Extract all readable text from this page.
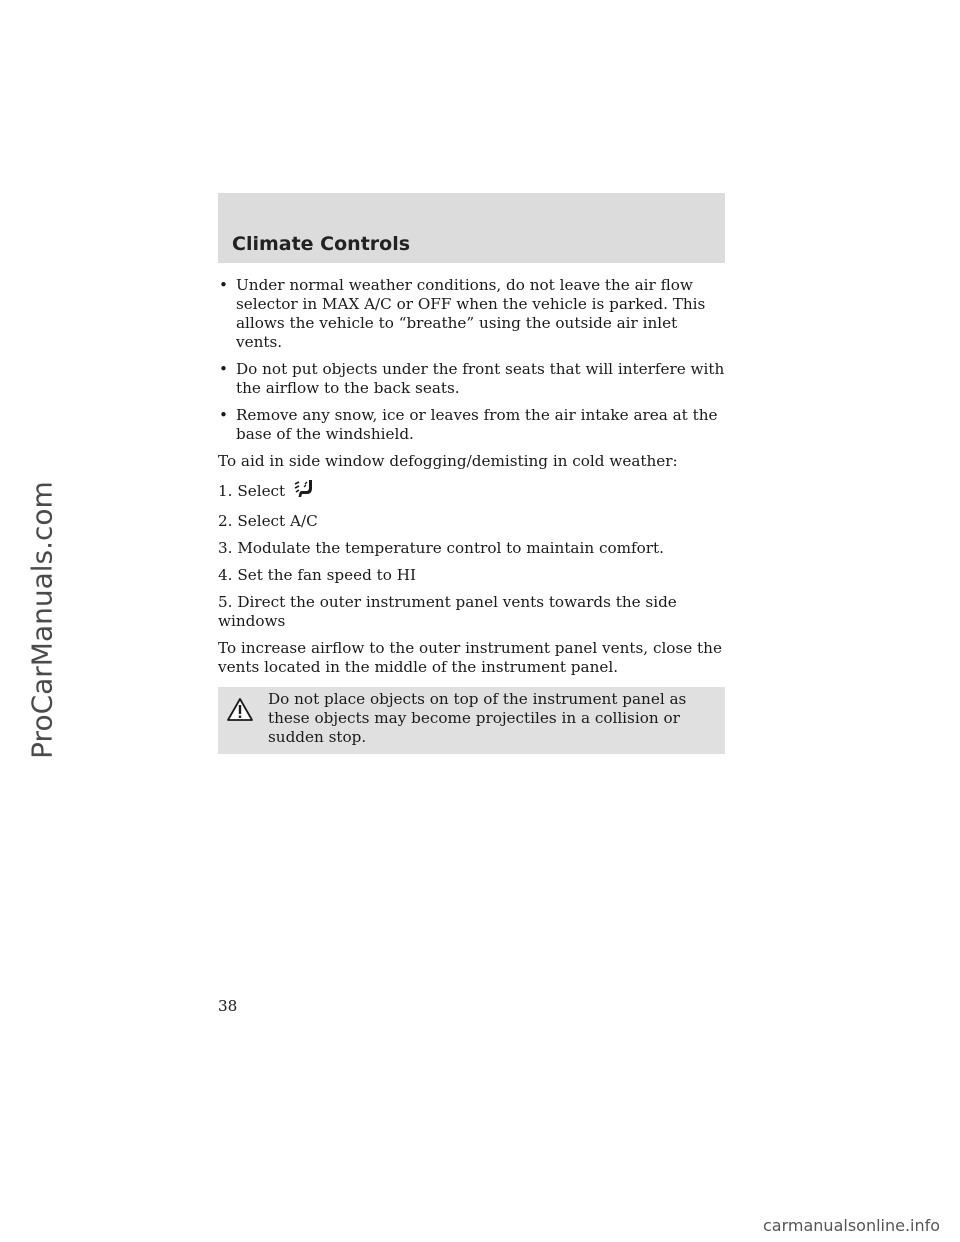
ProCarManuals.com
Climate Controls
• Under normal weather conditions, do not leave the air flow selector in MAX A/C or OFF when the vehicle is parked. This allows the vehicle to “breathe” using the outside air inlet vents.
• Do not put objects under the front seats that will interfere with the airflow to the back seats.
• Remove any snow, ice or leaves from the air intake area at the base of the windshield.

To aid in side window defogging/demisting in cold weather:

1. Select

2. Select A/C

3. Modulate the temperature control to maintain comfort.

4. Set the fan speed to HI

5. Direct the outer instrument panel vents towards the side windows

To increase airflow to the outer instrument panel vents, close the vents located in the middle of the instrument panel.

Do not place objects on top of the instrument panel as these objects may become projectiles in a collision or sudden stop.
38
carmanualsonline.info
